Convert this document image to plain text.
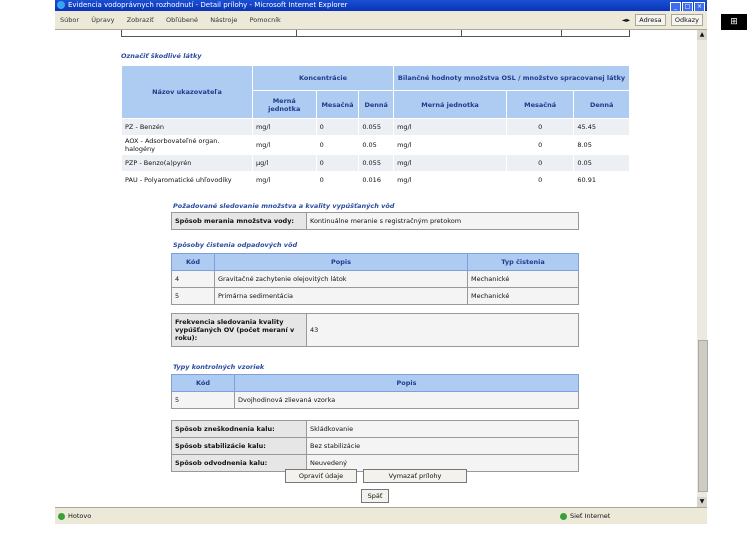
Evidencia vodoprávnych rozhodnutí - Detail prílohy - Microsoft Internet Explorer	_ □ ×
Súbor Úpravy Zobraziť Obľúbené Nástroje Pomocník	◄▸ Adresa Odkazy	⊞
Označiť škodlivé látky
Názov ukazovateľa	Koncentrácie			Bilančné hodnoty množstva OSL / množstvo spracovanej látky		
	Merná jednotka	Mesačná	Denná	Merná jednotka	Mesačná	Denná
PZ - Benzén	mg/l	0	0.055	mg/l	0	45.45
AOX - Adsorbovateľné organ. halogény	mg/l	0	0.05	mg/l	0	8.05
PZP - Benzo(a)pyrén	µg/l	0	0.055	mg/l	0	0.05
PAU - Polyaromatické uhľovodíky	mg/l	0	0.016	mg/l	0	60.91
Požadované sledovanie množstva a kvality vypúšťaných vôd
Spôsob merania množstva vody:	Kontinuálne meranie s registračným pretokom
Spôsoby čistenia odpadových vôd
Kód	Popis	Typ čistenia
4	Gravitačné zachytenie olejovitých látok	Mechanické
5	Primárna sedimentácia	Mechanické
Frekvencia sledovania kvality vypúšťaných OV (počet meraní v roku):	43
Typy kontrolných vzoriek
Kód	Popis
5	Dvojhodinová zlievaná vzorka
Spôsob zneškodnenia kalu:	Skládkovanie
Spôsob stabilizácie kalu:	Bez stabilizácie
Spôsob odvodnenia kalu:	Neuvedený
Opraviť údaje	Vymazať prílohy
Späť
▲
▼
Hotovo	Sieť Internet
